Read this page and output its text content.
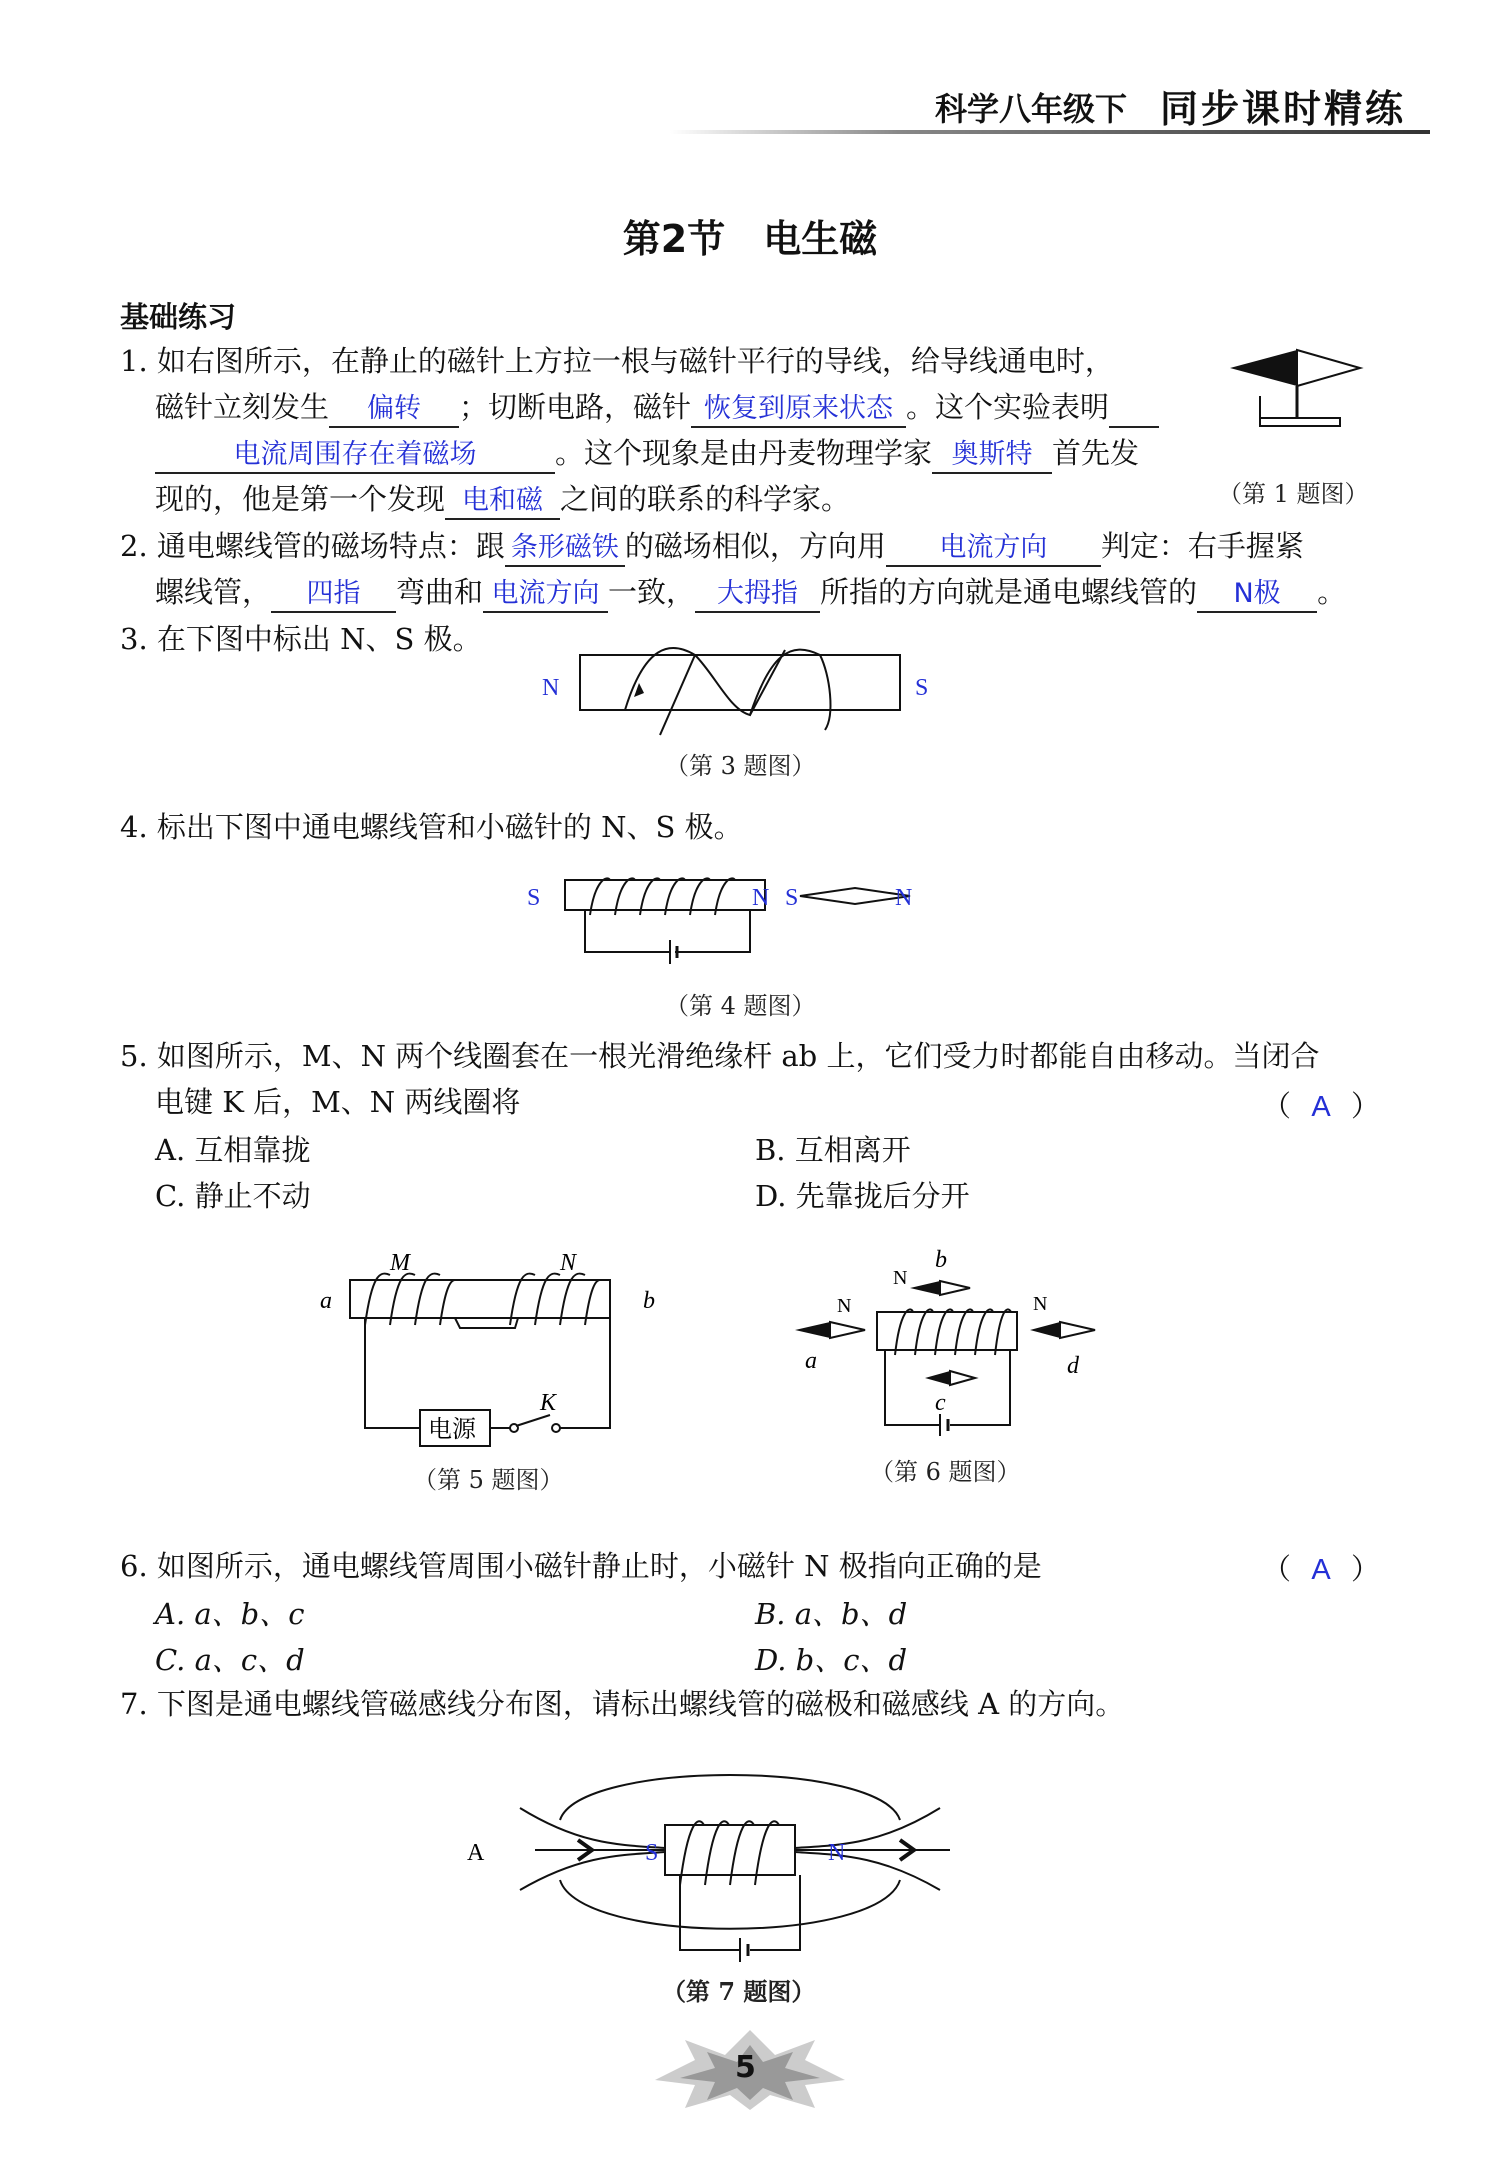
科学八年级下 同步课时精练
第2节　电生磁
基础练习
1. 如右图所示，在静止的磁针上方拉一根与磁针平行的导线，给导线通电时，
磁针立刻发生 偏转 ；切断电路，磁针 恢复到原来状态 。这个实验表明
电流周围存在着磁场	。这个现象是由丹麦物理学家 奥斯特 首先发
现的，他是第一个发现 电和磁 之间的联系的科学家。	（第 1 题图）
2. 通电螺线管的磁场特点：跟 条形磁铁 的磁场相似，方向用 电流方向 判定：右手握紧
螺线管， 四指 弯曲和 电流方向 一致， 大拇指 所指的方向就是通电螺线管的 N极 。
3. 在下图中标出 N、S 极。
N	S
（第 3 题图）
4. 标出下图中通电螺线管和小磁针的 N、S 极。
S	N S	N
（第 4 题图）
5. 如图所示，M、N 两个线圈套在一根光滑绝缘杆 ab 上，它们受力时都能自由移动。当闭合
电键 K 后，M、N 两线圈将	（ A ）
A. 互相靠拢	B. 互相离开
C. 静止不动	D. 先靠拢后分开
M	N
a	b
电源
K
（第 5 题图）
N
N
N
a
b
c
d
（第 6 题图）
6. 如图所示，通电螺线管周围小磁针静止时，小磁针 N 极指向正确的是	（ A ）
A. a、b、c	B. a、b、d
C. a、c、d	D. b、c、d
7. 下图是通电螺线管磁感线分布图，请标出螺线管的磁极和磁感线 A 的方向。
A	S	N
（第 7 题图）
5
